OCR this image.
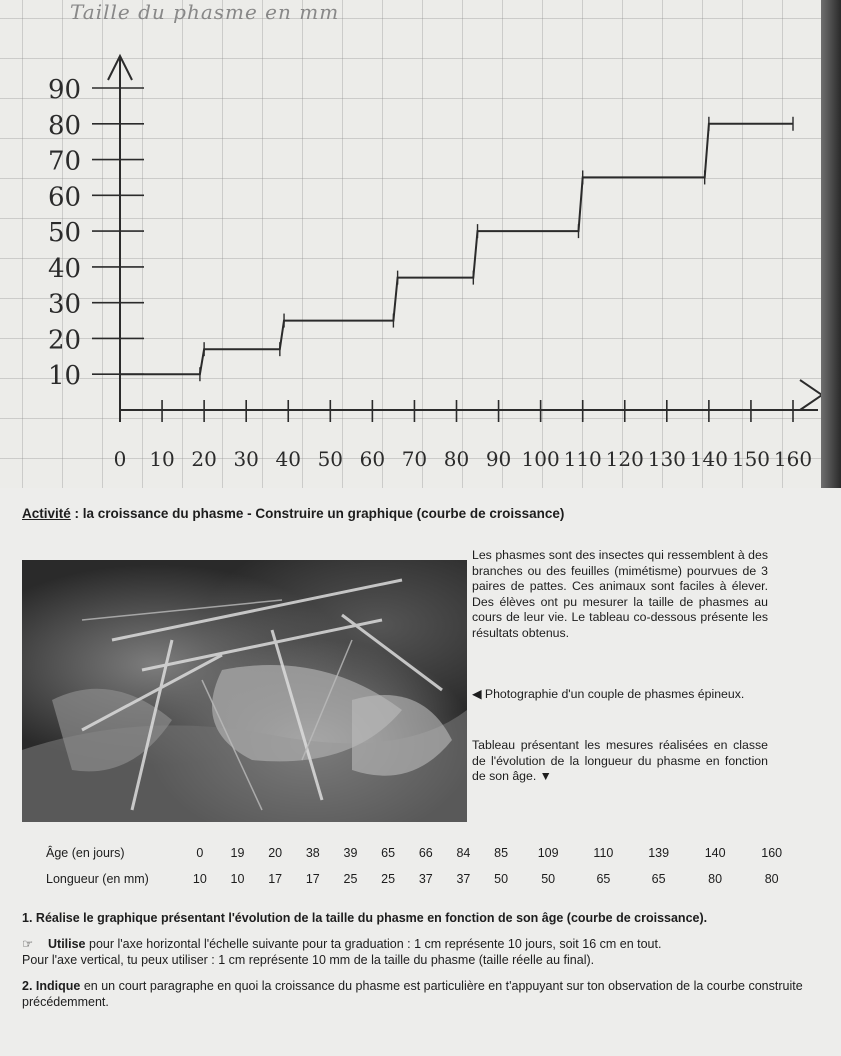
Taille du phasme en mm
10
20
30
40
50
60
70
80
90
0 10 20 30 40 50 60 70 80 90 100 110 120 130 140 150 160
Activité : la croissance du phasme - Construire un graphique (courbe de croissance)
Les phasmes sont des insectes qui ressemblent à des branches ou des feuilles (mimétisme) pourvues de 3 paires de pattes. Ces animaux sont faciles à élever. Des élèves ont pu mesurer la taille de phasmes au cours de leur vie. Le tableau co-dessous présente les résultats obtenus.
◀ Photographie d'un couple de phasmes épineux.
Tableau présentant les mesures réalisées en classe de l'évolution de la longueur du phasme en fonction de son âge. ▼
Âge (en jours)	0	19	20	38	39	65	66	84	85	109	110	139	140	160
Longueur (en mm)	10	10	17	17	25	25	37	37	50	50	65	65	80	80
1. Réalise le graphique présentant l'évolution de la taille du phasme en fonction de son âge (courbe de croissance).
☞ Utilise pour l'axe horizontal l'échelle suivante pour ta graduation : 1 cm représente 10 jours, soit 16 cm en tout.
Pour l'axe vertical, tu peux utiliser : 1 cm représente 10 mm de la taille du phasme (taille réelle au final).
2. Indique en un court paragraphe en quoi la croissance du phasme est particulière en t'appuyant sur ton observation de la courbe construite précédemment.
